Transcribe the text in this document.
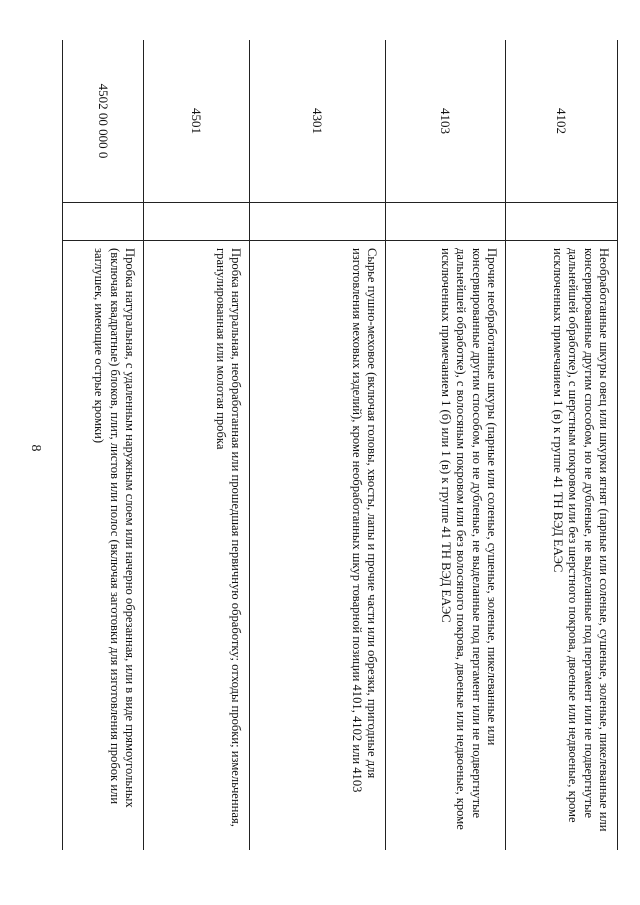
8
4102
Необработанные шкуры овец или шкурки ягнят (парные или соленые, сушеные, золеные, пикелеванные или консервированные другим способом, но не дубленые, не выделанные под пергамент или не подвергнутые дальнейшей обработке), с шерстным покровом или без шерстного покрова, двоеные или недвоеные, кроме исключенных примечанием 1 (в) к группе 41 ТН ВЭД ЕАЭС
4103
Прочие необработанные шкуры (парные или соленые, сушеные, золеные, пикелеванные или консервированные другим способом, но не дубленые, не выделанные под пергамент или не подвергнутые дальнейшей обработке), с волосяным покровом или без волосяного покрова, двоеные или недвоеные, кроме исключенных примечанием 1 (б) или 1 (в) к группе 41 ТН ВЭД ЕАЭС
4301
Сырье пушно-меховое (включая головы, хвосты, лапы и прочие части или обрезки, пригодные для изготовления меховых изделий), кроме необработанных шкур товарной позиции 4101, 4102 или 4103
4501
Пробка натуральная, необработанная или прошедшая первичную обработку; отходы пробки; измельченная, гранулированная или молотая пробка
4502 00 000 0
Пробка натуральная, с удаленным наружным слоем или начерно обрезанная, или в виде прямоугольных (включая квадратные) блоков, плит, листов или полос (включая заготовки для изготовления пробок или заглушек, имеющие острые кромки)
